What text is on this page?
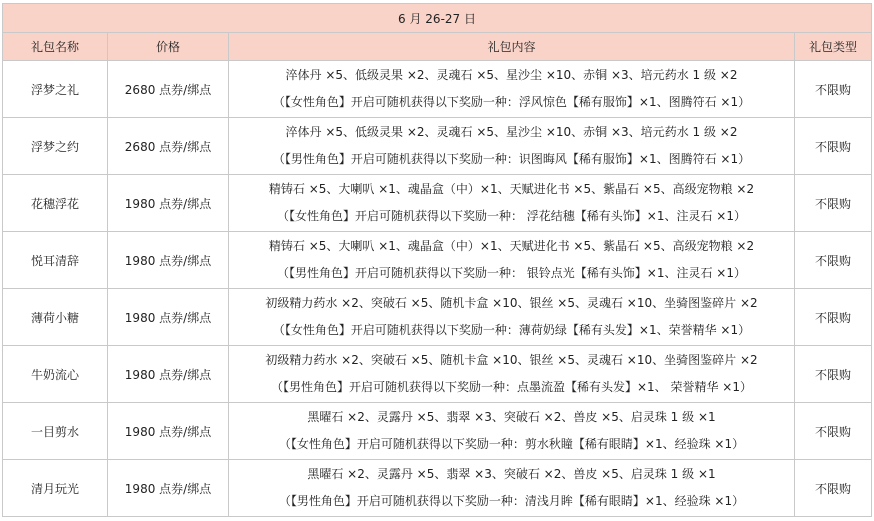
6 月 26-27 日			
礼包名称	价格	礼包内容	礼包类型
浮梦之礼	2680 点券/绑点	淬体丹 ×5、低级灵果 ×2、灵魂石 ×5、星沙尘 ×10、赤铜 ×3、培元药水 1 级 ×2
（【女性角色】开启可随机获得以下奖励一种：浮风惊色【稀有服饰】×1、图腾符石 ×1）	不限购
浮梦之约	2680 点券/绑点	淬体丹 ×5、低级灵果 ×2、灵魂石 ×5、星沙尘 ×10、赤铜 ×3、培元药水 1 级 ×2
（【男性角色】开启可随机获得以下奖励一种：识图晦风【稀有服饰】×1、图腾符石 ×1）	不限购
花穗浮花	1980 点券/绑点	精铸石 ×5、大喇叭 ×1、魂晶盒（中）×1、天赋进化书 ×5、紫晶石 ×5、高级宠物粮 ×2
（【女性角色】开启可随机获得以下奖励一种： 浮花结穗【稀有头饰】×1、注灵石 ×1）	不限购
悦耳清辞	1980 点券/绑点	精铸石 ×5、大喇叭 ×1、魂晶盒（中）×1、天赋进化书 ×5、紫晶石 ×5、高级宠物粮 ×2
（【男性角色】开启可随机获得以下奖励一种： 银铃点光【稀有头饰】×1、注灵石 ×1）	不限购
薄荷小糖	1980 点券/绑点	初级精力药水 ×2、突破石 ×5、随机卡盒 ×10、银丝 ×5、灵魂石 ×10、坐骑图鉴碎片 ×2
（【女性角色】开启可随机获得以下奖励一种：薄荷奶绿【稀有头发】×1、荣誉精华 ×1）	不限购
牛奶流心	1980 点券/绑点	初级精力药水 ×2、突破石 ×5、随机卡盒 ×10、银丝 ×5、灵魂石 ×10、坐骑图鉴碎片 ×2
（【男性角色】开启可随机获得以下奖励一种：点墨流盈【稀有头发】×1、 荣誉精华 ×1）	不限购
一目剪水	1980 点券/绑点	黑曜石 ×2、灵露丹 ×5、翡翠 ×3、突破石 ×2、兽皮 ×5、启灵珠 1 级 ×1
（【女性角色】开启可随机获得以下奖励一种：剪水秋瞳【稀有眼睛】×1、经验珠 ×1）	不限购
清月玩光	1980 点券/绑点	黑曜石 ×2、灵露丹 ×5、翡翠 ×3、突破石 ×2、兽皮 ×5、启灵珠 1 级 ×1
（【男性角色】开启可随机获得以下奖励一种：清浅月眸【稀有眼睛】×1、经验珠 ×1）	不限购
